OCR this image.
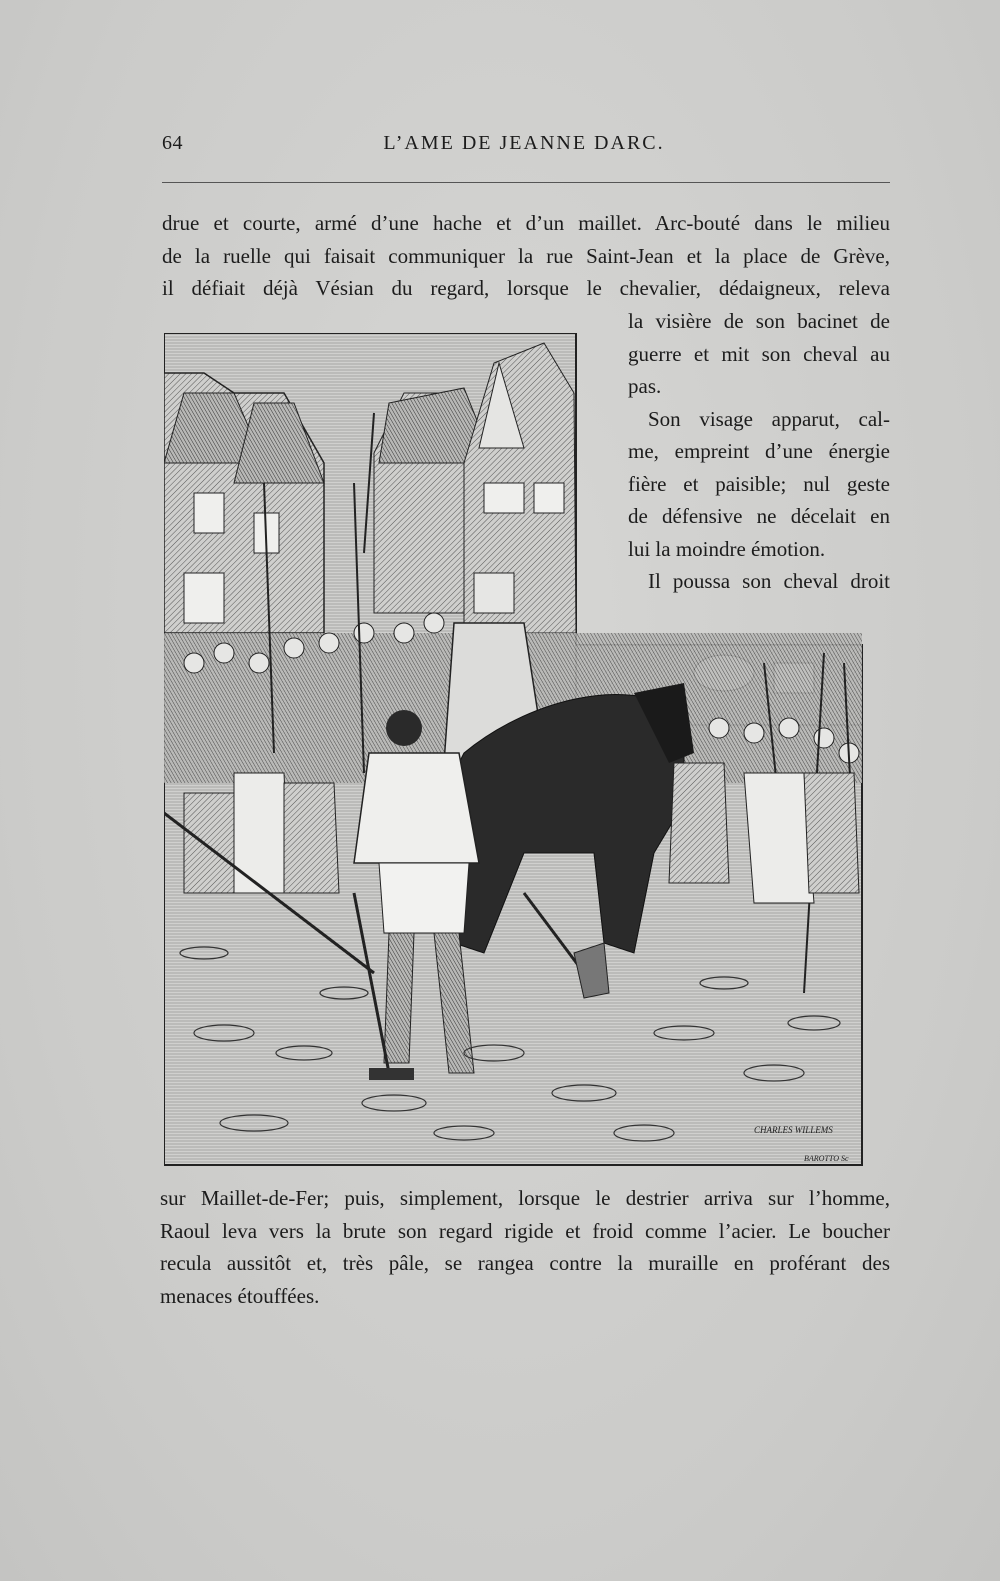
64	L’AME DE JEANNE DARC.

drue et courte, armé d’une hache et d’un maillet. Arc-bouté dans le milieu
de la ruelle qui faisait communiquer la rue Saint-Jean et la place de Grève,
il défiait déjà Vésian du regard, lorsque le chevalier, dédaigneux, releva

la visière de son bacinet de
guerre et mit son cheval au
pas.
Son visage apparut, cal-
me, empreint d’une énergie
fière et paisible; nul geste
de défensive ne décelait en
lui la moindre émotion.
Il poussa son cheval droit

CHARLES WILLEMS
BAROTTO Sc

sur Maillet-de-Fer; puis, simplement, lorsque le destrier arriva sur l’homme,
Raoul leva vers la brute son regard rigide et froid comme l’acier. Le boucher
recula aussitôt et, très pâle, se rangea contre la muraille en proférant des
menaces étouffées.
